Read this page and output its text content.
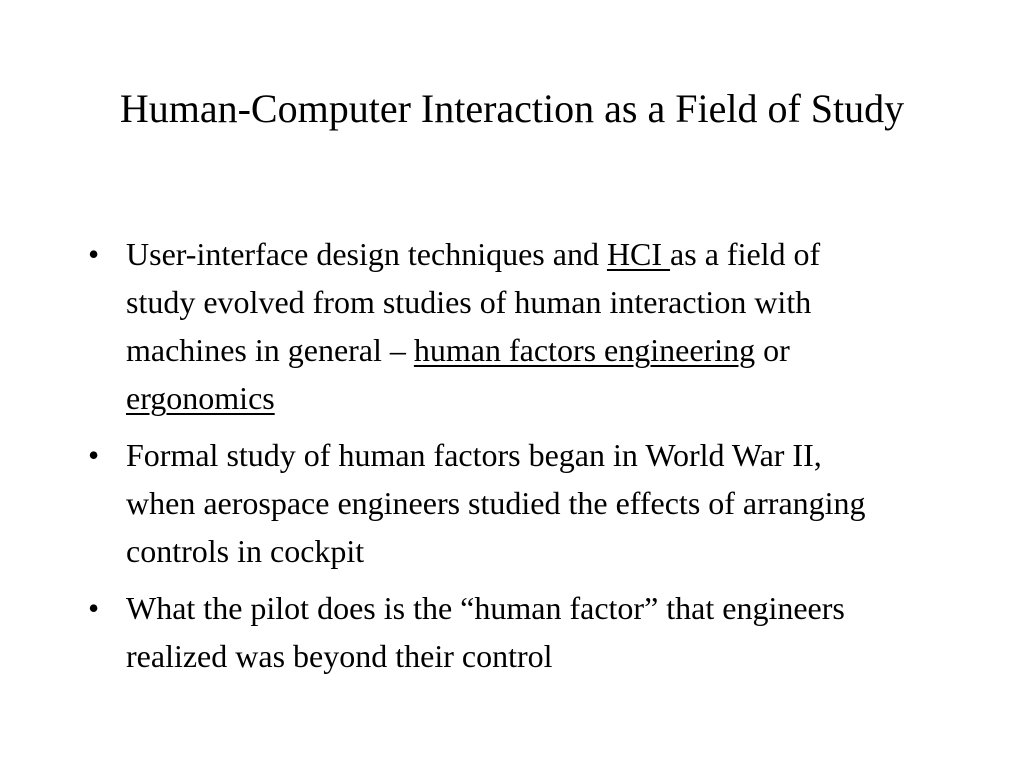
Human-Computer Interaction as a Field of Study
• User-interface design techniques and HCI as a field of study evolved from studies of human interaction with machines in general – human factors engineering or ergonomics
• Formal study of human factors began in World War II, when aerospace engineers studied the effects of arranging controls in cockpit
• What the pilot does is the “human factor” that engineers realized was beyond their control
